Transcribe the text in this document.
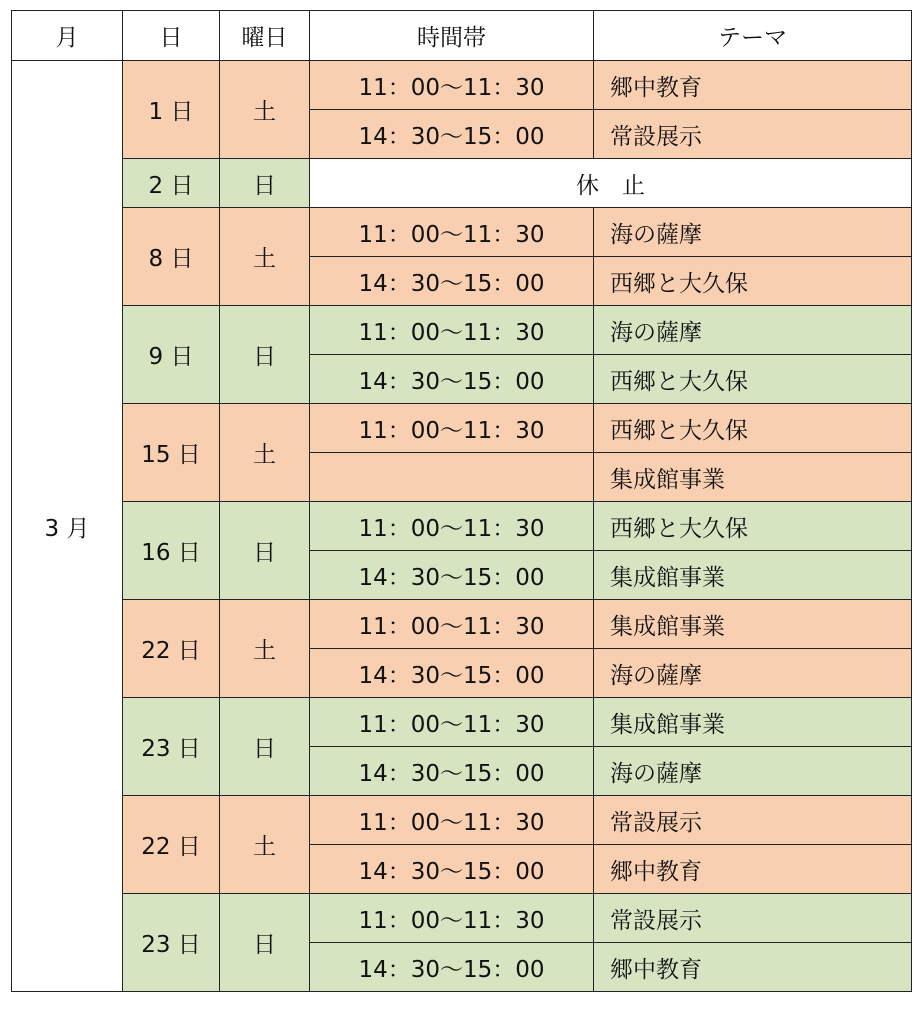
月	日	曜日	時間帯	テーマ
3 月	1 日	土	11：00〜11：30	郷中教育
			14：30〜15：00	常設展示
	2 日	日	休　止	
	8 日	土	11：00〜11：30	海の薩摩
			14：30〜15：00	西郷と大久保
	9 日	日	11：00〜11：30	海の薩摩
			14：30〜15：00	西郷と大久保
	15 日	土	11：00〜11：30	西郷と大久保
				集成館事業
	16 日	日	11：00〜11：30	西郷と大久保
			14：30〜15：00	集成館事業
	22 日	土	11：00〜11：30	集成館事業
			14：30〜15：00	海の薩摩
	23 日	日	11：00〜11：30	集成館事業
			14：30〜15：00	海の薩摩
	22 日	土	11：00〜11：30	常設展示
			14：30〜15：00	郷中教育
	23 日	日	11：00〜11：30	常設展示
			14：30〜15：00	郷中教育
